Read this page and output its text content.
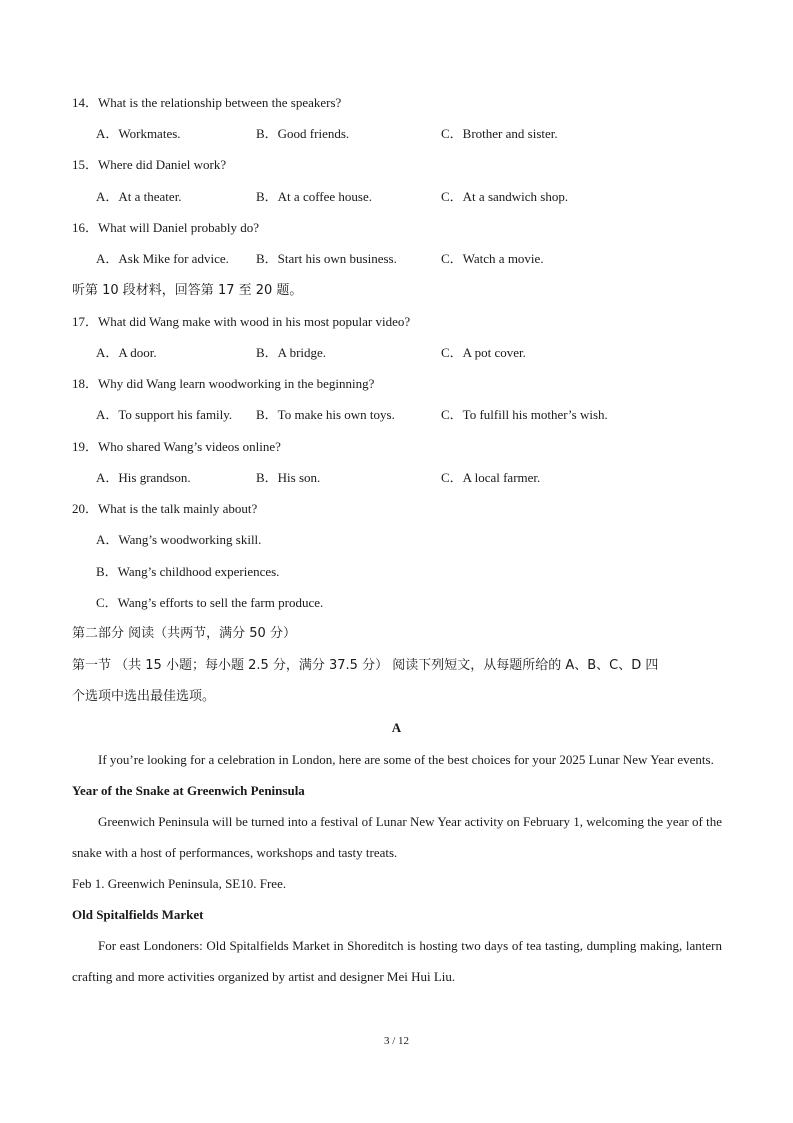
14．What is the relationship between the speakers?
A．Workmates.	B．Good friends.	C．Brother and sister.
15．Where did Daniel work?
A．At a theater.	B．At a coffee house.	C．At a sandwich shop.
16．What will Daniel probably do?
A．Ask Mike for advice. B．Start his own business.	C．Watch a movie.
听第 10 段材料，回答第 17 至 20 题。
17．What did Wang make with wood in his most popular video?
A．A door.	B．A bridge.	C．A pot cover.
18．Why did Wang learn woodworking in the beginning?
A．To support his family. B．To make his own toys.	C．To fulfill his mother’s wish.
19．Who shared Wang’s videos online?
A．His grandson.	B．His son.	C．A local farmer.
20．What is the talk mainly about?
A．Wang’s woodworking skill.
B．Wang’s childhood experiences.
C．Wang’s efforts to sell the farm produce.
第二部分 阅读（共两节，满分 50 分）
第一节 （共 15 小题；每小题 2.5 分，满分 37.5 分） 阅读下列短文，从每题所给的 A、B、C、D 四
个选项中选出最佳选项。
A

If you’re looking for a celebration in London, here are some of the best choices for your 2025 Lunar New Year events.

Year of the Snake at Greenwich Peninsula

Greenwich Peninsula will be turned into a festival of Lunar New Year activity on February 1, welcoming the year of the snake with a host of performances, workshops and tasty treats.

Feb 1. Greenwich Peninsula, SE10. Free.

Old Spitalfields Market

For east Londoners: Old Spitalfields Market in Shoreditch is hosting two days of tea tasting, dumpling making, lantern crafting and more activities organized by artist and designer Mei Hui Liu.

3 / 12
